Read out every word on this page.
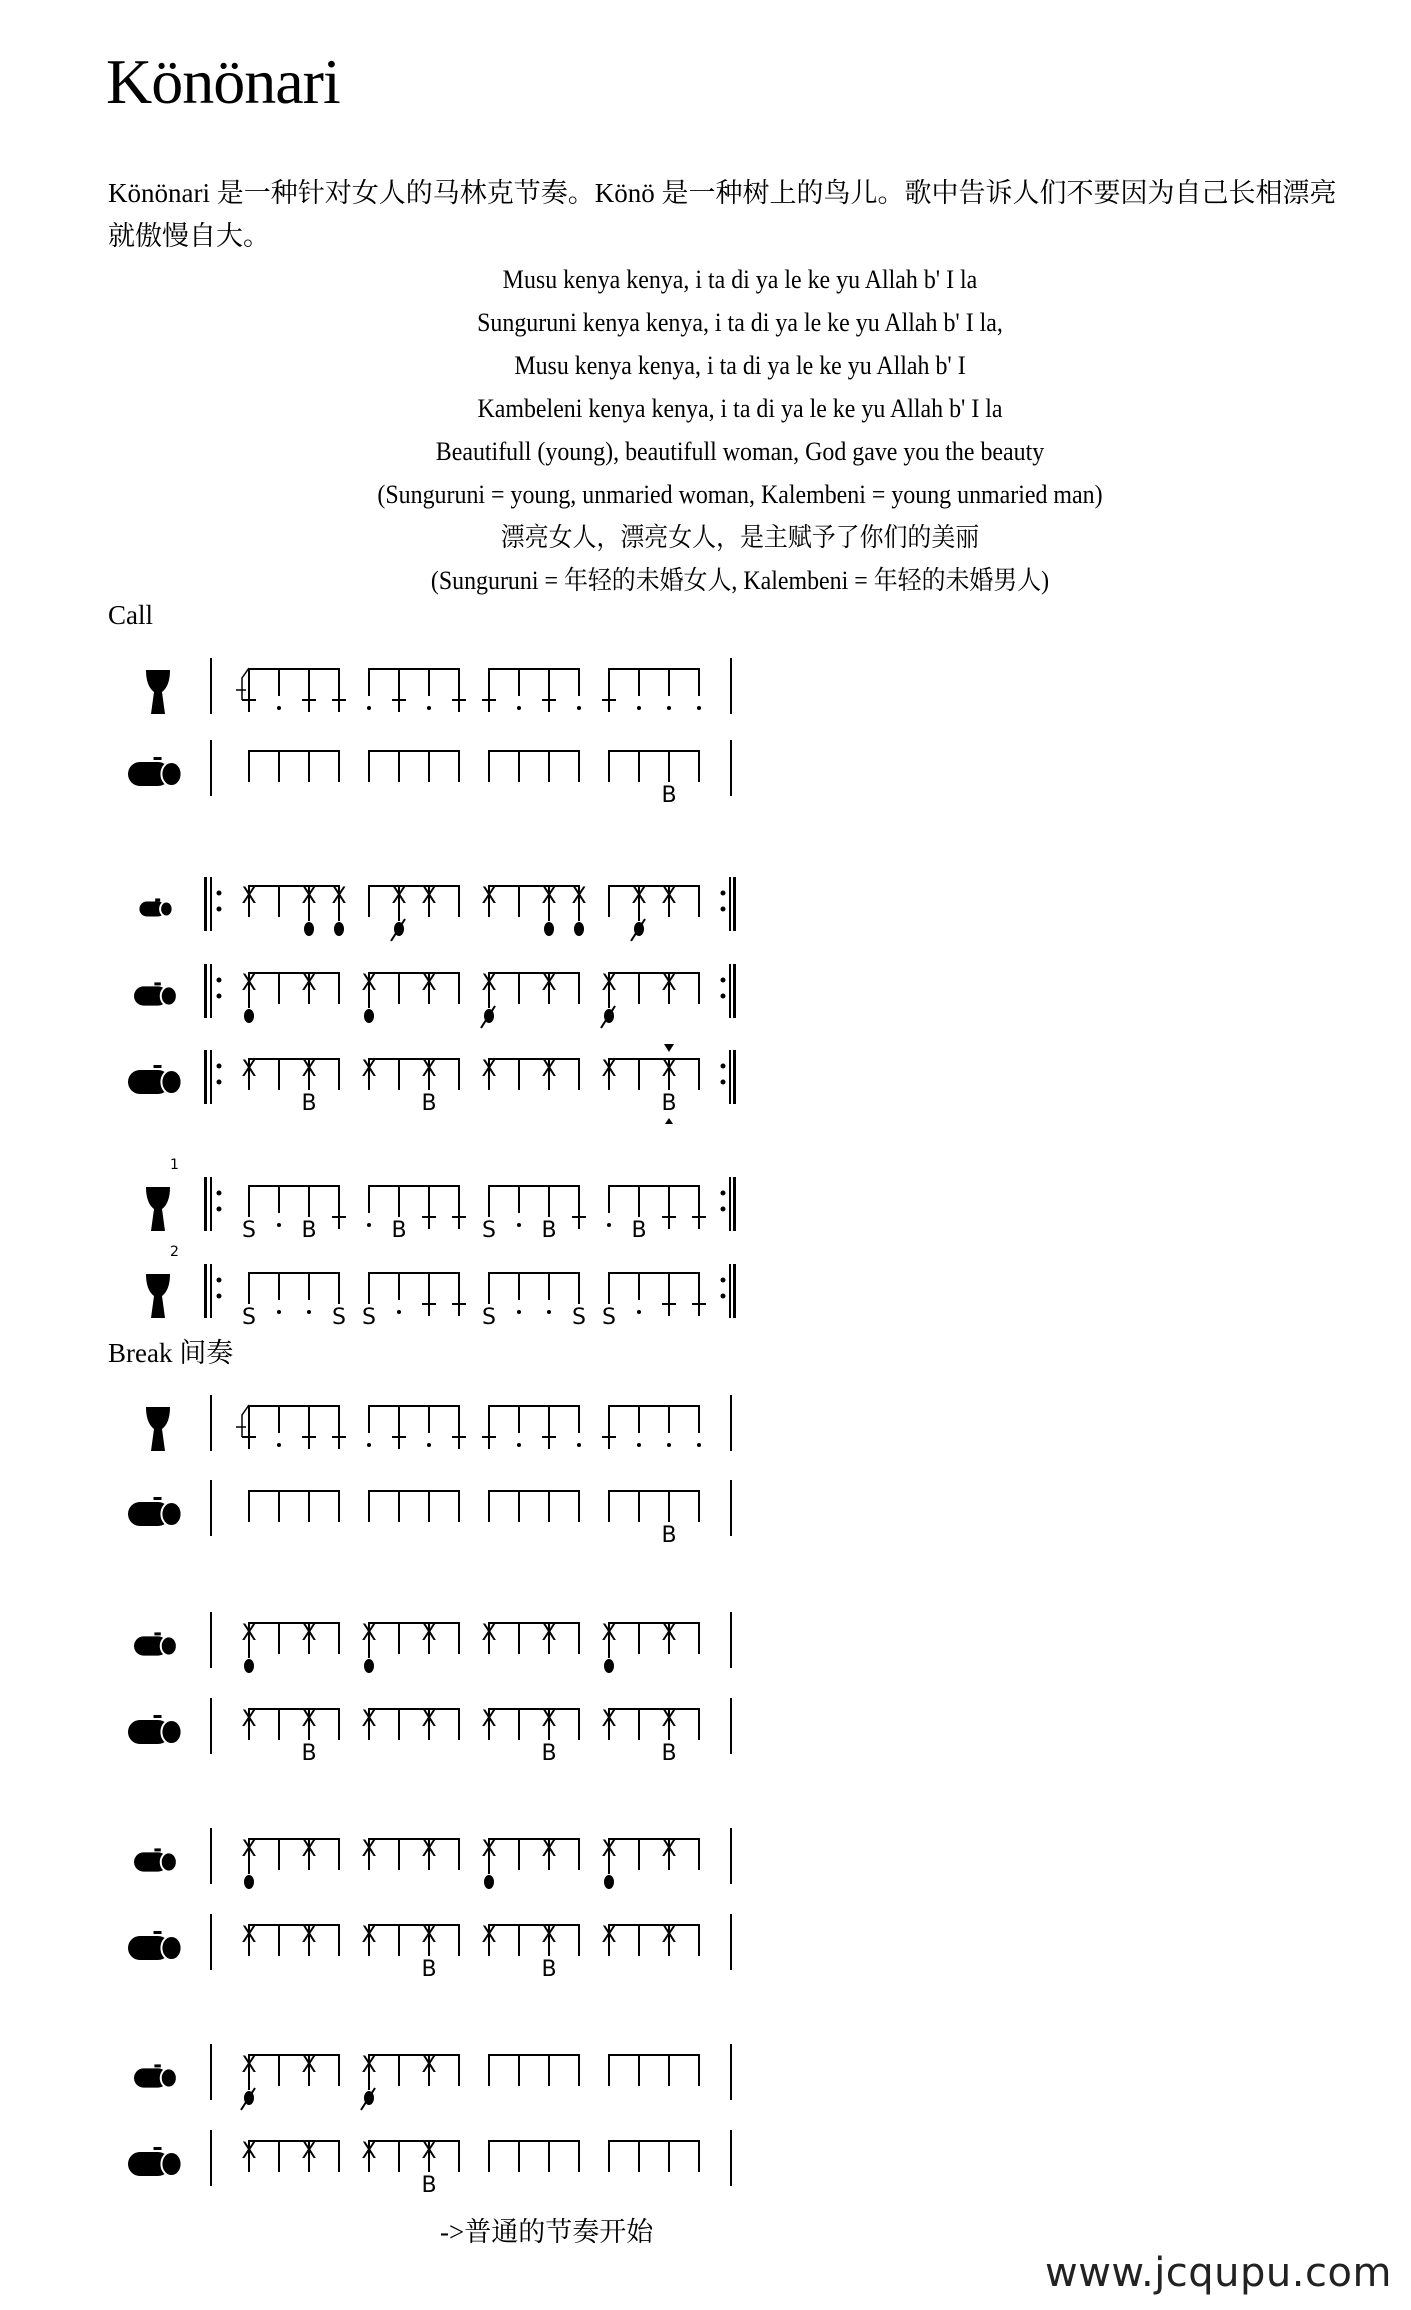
Könönari
Könönari 是一种针对女人的马林克节奏。Könö 是一种树上的鸟儿。歌中告诉人们不要因为自己长相漂亮就傲慢自大。
Musu kenya kenya, i ta di ya le ke yu Allah b' I la
Sunguruni kenya kenya, i ta di ya le ke yu Allah b' I la,
Musu kenya kenya, i ta di ya le ke yu Allah b' I
Kambeleni kenya kenya, i ta di ya le ke yu Allah b' I la
Beautifull (young), beautifull woman, God gave you the beauty
(Sunguruni = young, unmaried woman, Kalembeni = young unmaried man)
漂亮女人，漂亮女人，是主赋予了你们的美丽
(Sunguruni = 年轻的未婚女人, Kalembeni = 年轻的未婚男人)
Call
Break 间奏
B
X X X X X X X X X X
X X X X X X X X
X X
B
X X
B
X X X X
B
1
S B	B	S B	B
2
S	S S	S	S S
B
X X X X X X X X
X X
B
X X X X
B
X X
B
X X X X X X X X
X X X X
B
X X
B
X X
X X X X
X X X X
B
->普通的节奏开始
www.jcqupu.com
